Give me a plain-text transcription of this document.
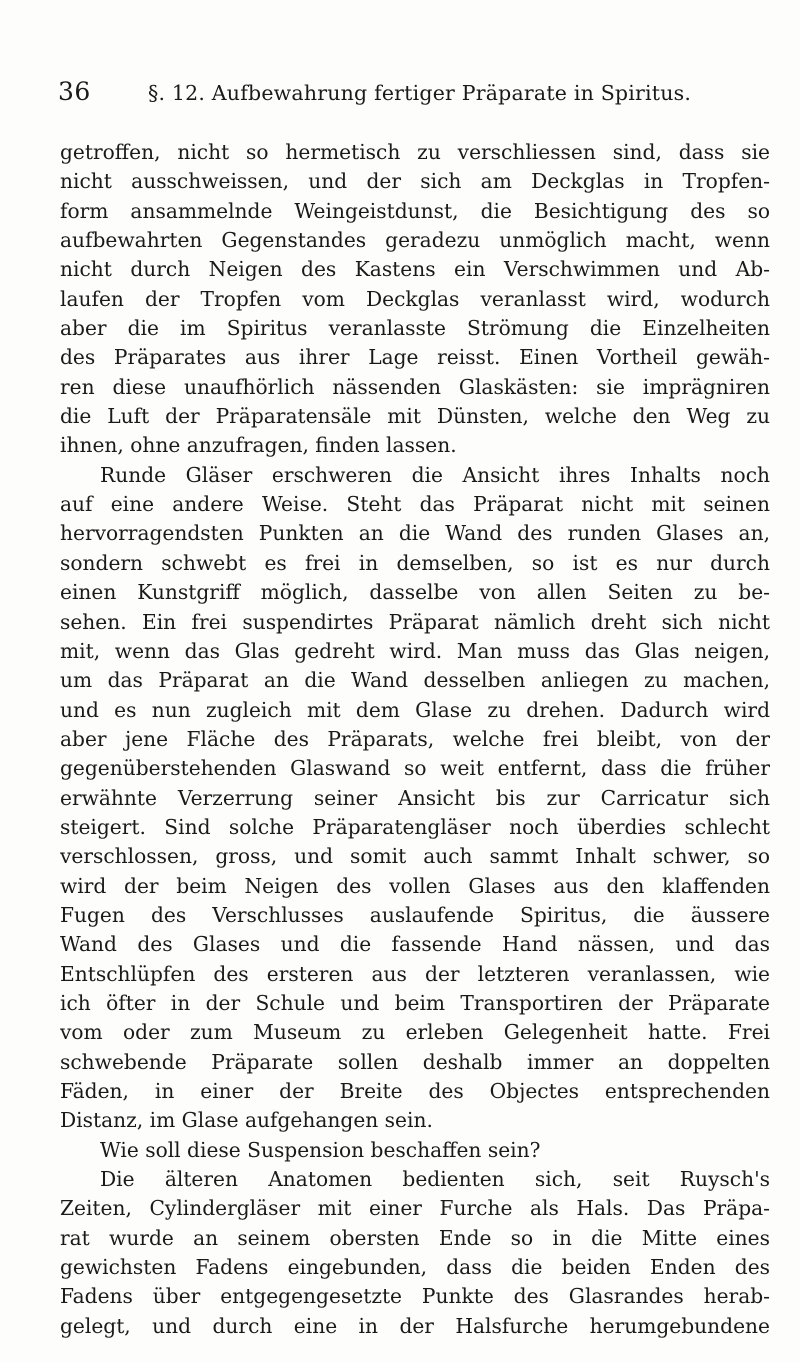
36	§. 12. Aufbewahrung fertiger Präparate in Spiritus.
getroffen, nicht so hermetisch zu verschliessen sind, dass sie
nicht ausschweissen, und der sich am Deckglas in Tropfen-
form ansammelnde Weingeistdunst, die Besichtigung des so
aufbewahrten Gegenstandes geradezu unmöglich macht, wenn
nicht durch Neigen des Kastens ein Verschwimmen und Ab-
laufen der Tropfen vom Deckglas veranlasst wird, wodurch
aber die im Spiritus veranlasste Strömung die Einzelheiten
des Präparates aus ihrer Lage reisst. Einen Vortheil gewäh-
ren diese unaufhörlich nässenden Glaskästen: sie imprägniren
die Luft der Präparatensäle mit Dünsten, welche den Weg zu
ihnen, ohne anzufragen, finden lassen.
Runde Gläser erschweren die Ansicht ihres Inhalts noch
auf eine andere Weise. Steht das Präparat nicht mit seinen
hervorragendsten Punkten an die Wand des runden Glases an,
sondern schwebt es frei in demselben, so ist es nur durch
einen Kunstgriff möglich, dasselbe von allen Seiten zu be-
sehen. Ein frei suspendirtes Präparat nämlich dreht sich nicht
mit, wenn das Glas gedreht wird. Man muss das Glas neigen,
um das Präparat an die Wand desselben anliegen zu machen,
und es nun zugleich mit dem Glase zu drehen. Dadurch wird
aber jene Fläche des Präparats, welche frei bleibt, von der
gegenüberstehenden Glaswand so weit entfernt, dass die früher
erwähnte Verzerrung seiner Ansicht bis zur Carricatur sich
steigert. Sind solche Präparatengläser noch überdies schlecht
verschlossen, gross, und somit auch sammt Inhalt schwer, so
wird der beim Neigen des vollen Glases aus den klaffenden
Fugen des Verschlusses auslaufende Spiritus, die äussere
Wand des Glases und die fassende Hand nässen, und das
Entschlüpfen des ersteren aus der letzteren veranlassen, wie
ich öfter in der Schule und beim Transportiren der Präparate
vom oder zum Museum zu erleben Gelegenheit hatte. Frei
schwebende Präparate sollen deshalb immer an doppelten
Fäden, in einer der Breite des Objectes entsprechenden
Distanz, im Glase aufgehangen sein.
Wie soll diese Suspension beschaffen sein?
Die älteren Anatomen bedienten sich, seit Ruysch's
Zeiten, Cylindergläser mit einer Furche als Hals. Das Präpa-
rat wurde an seinem obersten Ende so in die Mitte eines
gewichsten Fadens eingebunden, dass die beiden Enden des
Fadens über entgegengesetzte Punkte des Glasrandes herab-
gelegt, und durch eine in der Halsfurche herumgebundene
